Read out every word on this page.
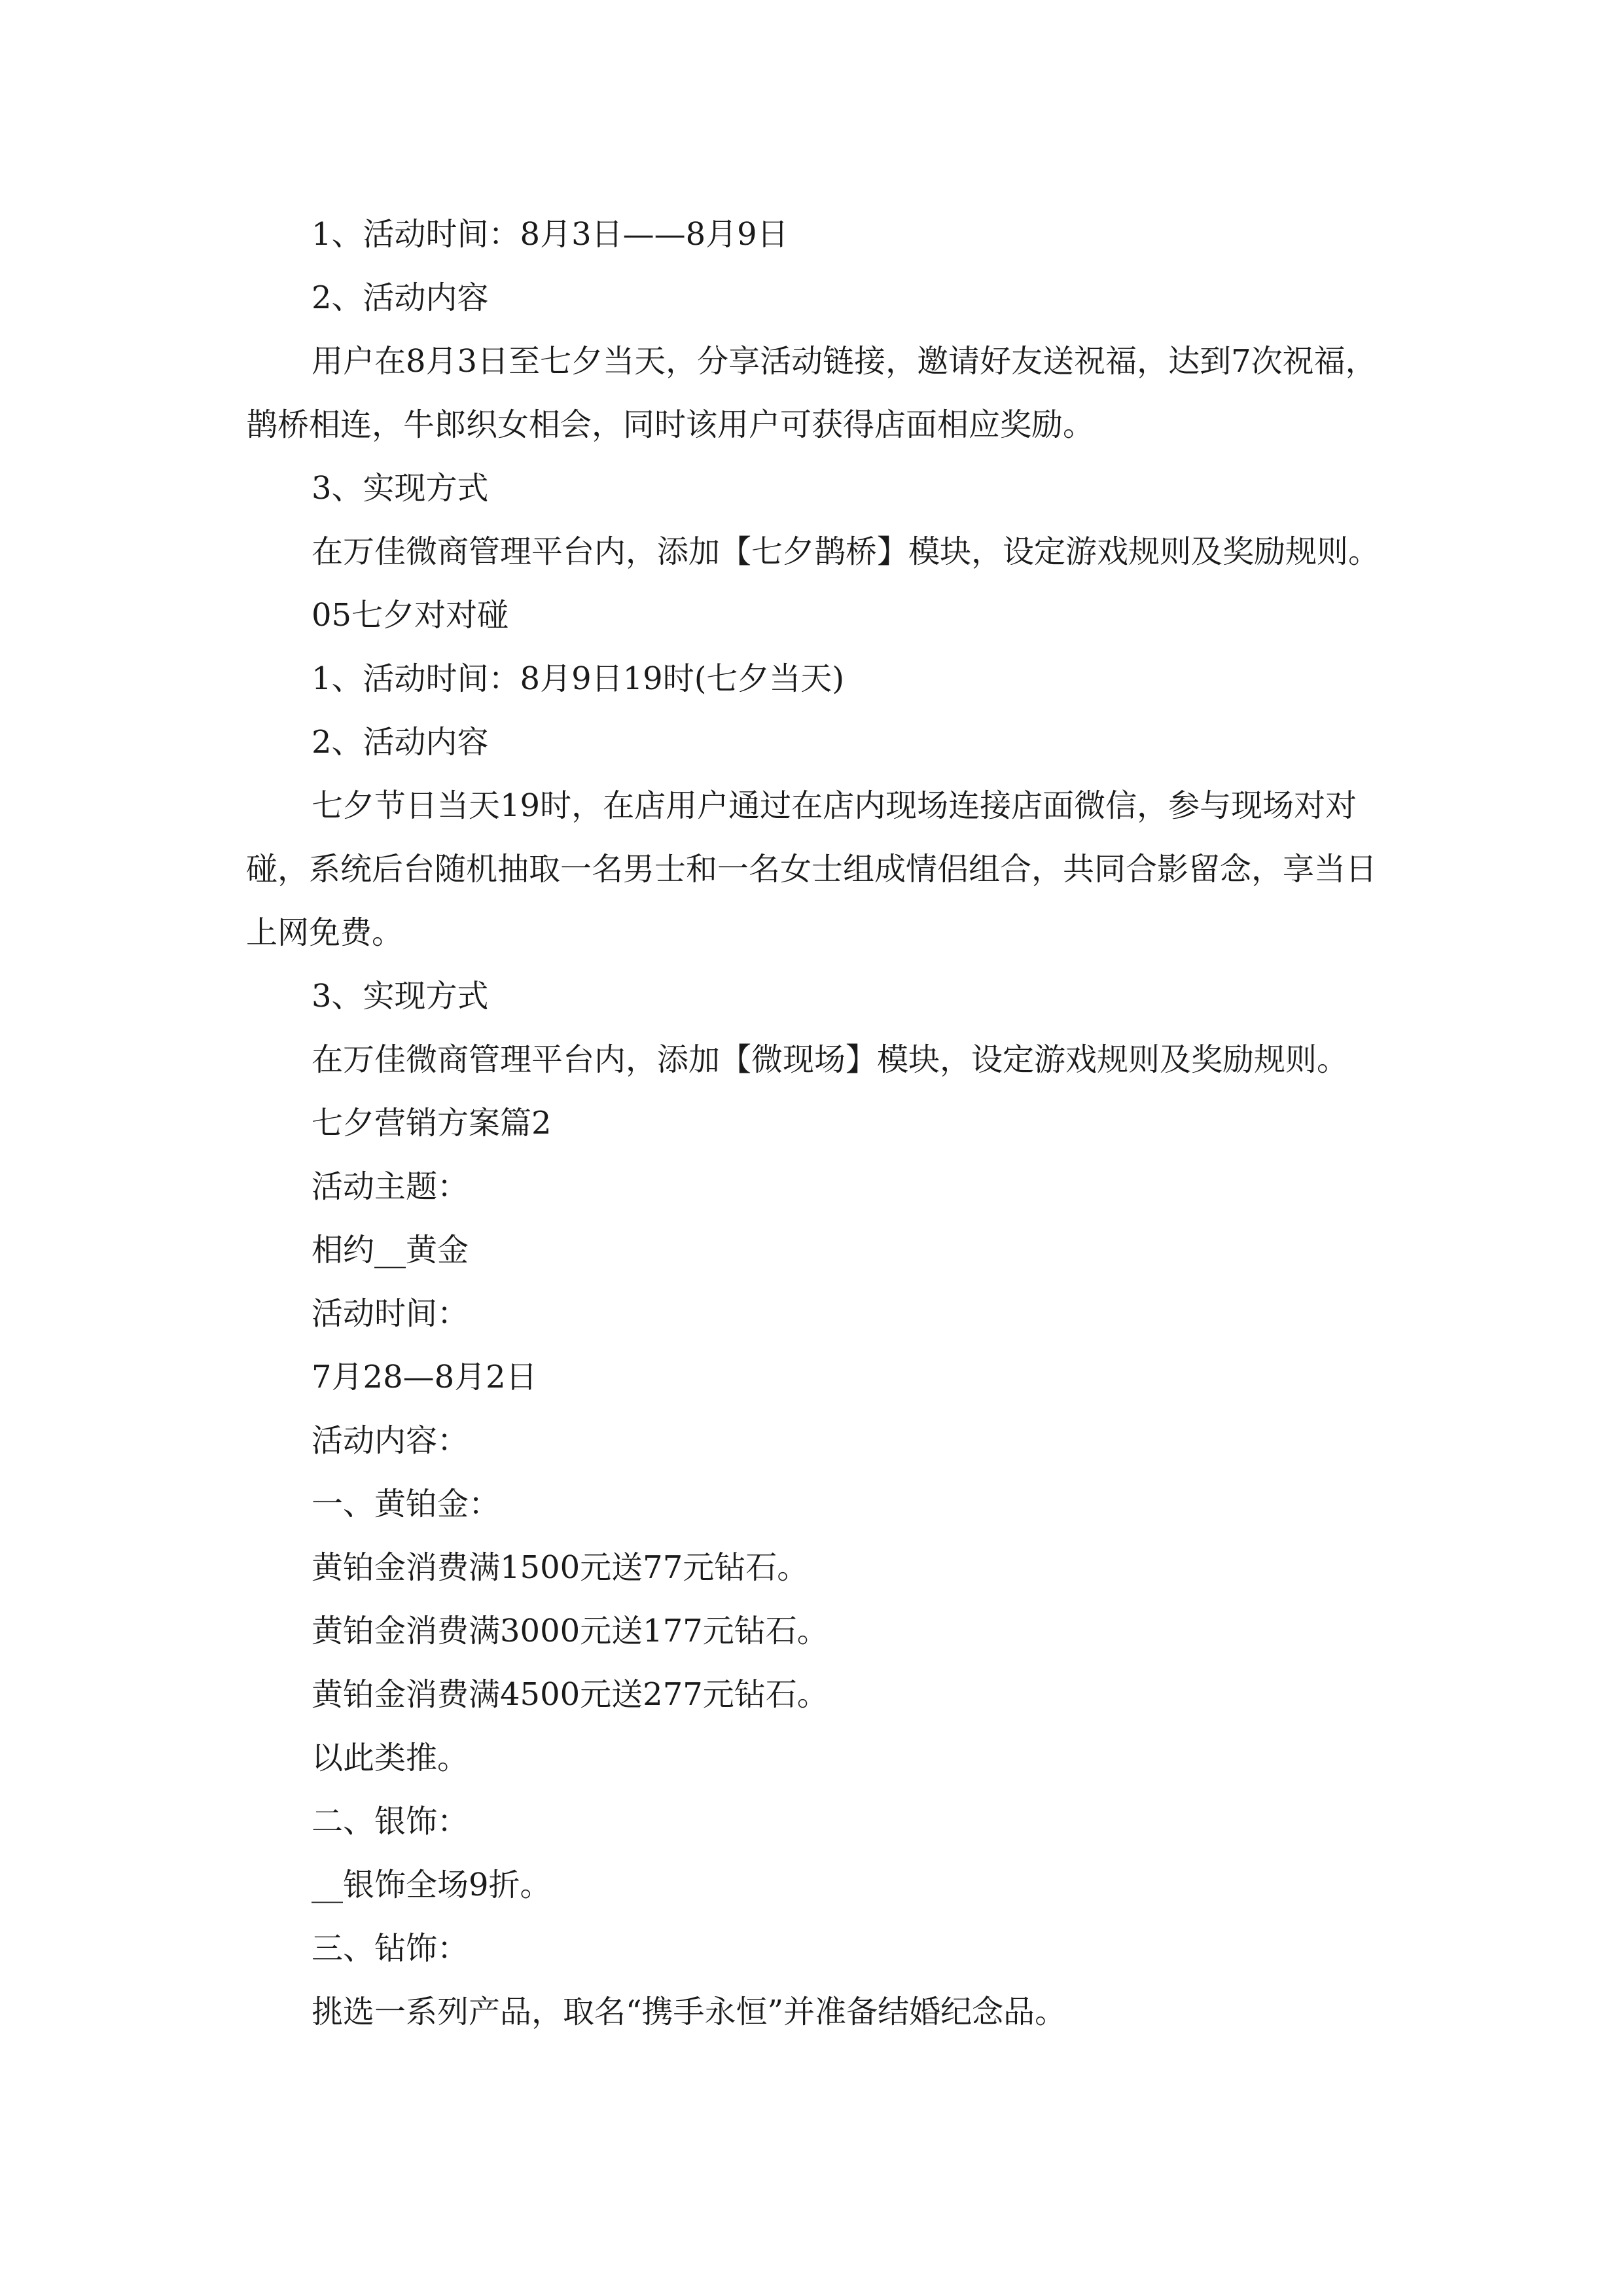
1、活动时间：8月3日——8月9日

2、活动内容

用户在8月3日至七夕当天，分享活动链接，邀请好友送祝福，达到7次祝福，鹊桥相连，牛郎织女相会，同时该用户可获得店面相应奖励。

3、实现方式

在万佳微商管理平台内，添加【七夕鹊桥】模块，设定游戏规则及奖励规则。

05七夕对对碰

1、活动时间：8月9日19时(七夕当天)

2、活动内容

七夕节日当天19时，在店用户通过在店内现场连接店面微信，参与现场对对碰，系统后台随机抽取一名男士和一名女士组成情侣组合，共同合影留念，享当日上网免费。

3、实现方式

在万佳微商管理平台内，添加【微现场】模块，设定游戏规则及奖励规则。

七夕营销方案篇2

活动主题：

相约__黄金

活动时间：

7月28—8月2日

活动内容：

一、黄铂金：

黄铂金消费满1500元送77元钻石。

黄铂金消费满3000元送177元钻石。

黄铂金消费满4500元送277元钻石。

以此类推。

二、银饰：

__银饰全场9折。

三、钻饰：

挑选一系列产品，取名“携手永恒”并准备结婚纪念品。
